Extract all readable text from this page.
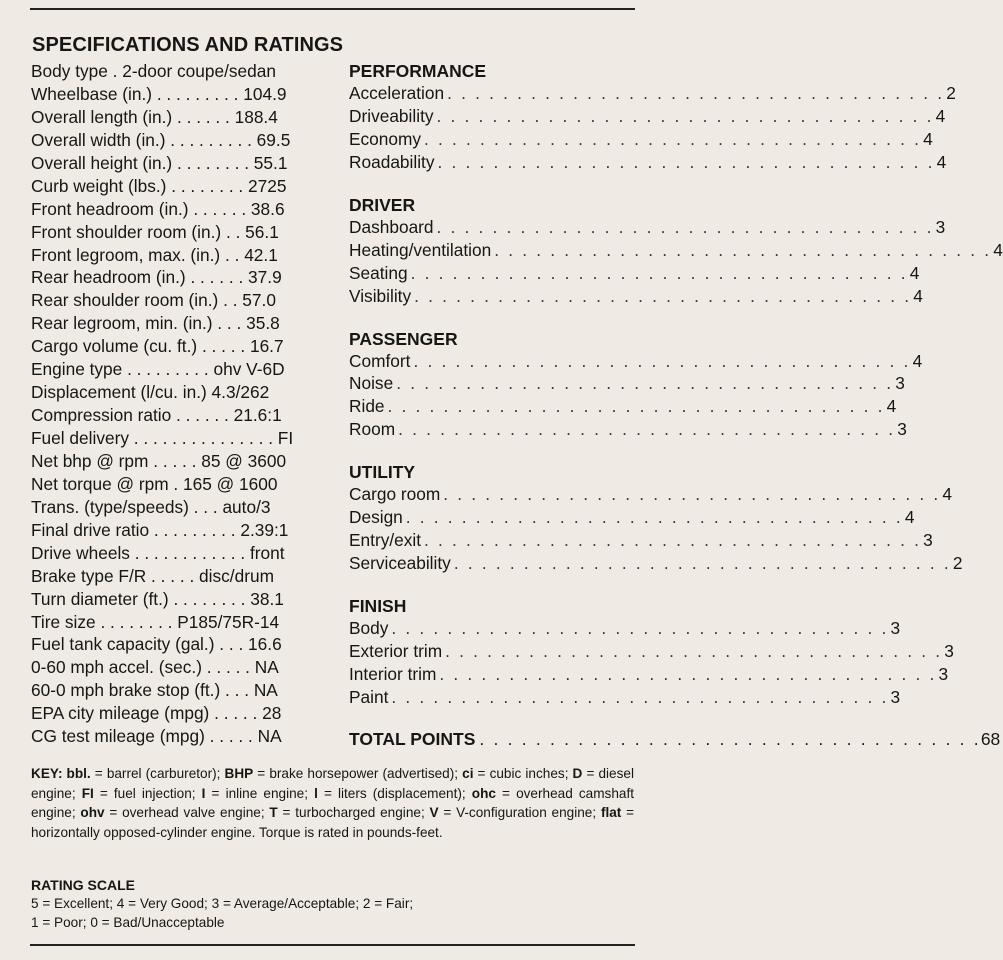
SPECIFICATIONS AND RATINGS
Body type . 2-door coupe/sedan
Wheelbase (in.) . . . . . . . . . 104.9
Overall length (in.) . . . . . . 188.4
Overall width (in.) . . . . . . . . . 69.5
Overall height (in.) . . . . . . . . 55.1
Curb weight (lbs.) . . . . . . . . 2725
Front headroom (in.) . . . . . . 38.6
Front shoulder room (in.) . . 56.1
Front legroom, max. (in.) . . 42.1
Rear headroom (in.) . . . . . . 37.9
Rear shoulder room (in.) . . 57.0
Rear legroom, min. (in.) . . . 35.8
Cargo volume (cu. ft.) . . . . . 16.7
Engine type . . . . . . . . . ohv V-6D
Displacement (l/cu. in.) 4.3/262
Compression ratio . . . . . . 21.6:1
Fuel delivery . . . . . . . . . . . . . . . FI
Net bhp @ rpm . . . . . 85 @ 3600
Net torque @ rpm . 165 @ 1600
Trans. (type/speeds) . . . auto/3
Final drive ratio . . . . . . . . . 2.39:1
Drive wheels . . . . . . . . . . . . front
Brake type F/R . . . . . disc/drum
Turn diameter (ft.) . . . . . . . . 38.1
Tire size . . . . . . . . P185/75R-14
Fuel tank capacity (gal.) . . . 16.6
0-60 mph accel. (sec.) . . . . . NA
60-0 mph brake stop (ft.) . . . NA
EPA city mileage (mpg) . . . . . 28
CG test mileage (mpg) . . . . . NA
PERFORMANCE
Acceleration . . . . . . . . . . . . . . . . . . . . . . . . . . . . . . . . . . . . 2
Driveability . . . . . . . . . . . . . . . . . . . . . . . . . . . . . . . . . . . . 4
Economy . . . . . . . . . . . . . . . . . . . . . . . . . . . . . . . . . . . . 4
Roadability . . . . . . . . . . . . . . . . . . . . . . . . . . . . . . . . . . . . 4
DRIVER
Dashboard . . . . . . . . . . . . . . . . . . . . . . . . . . . . . . . . . . . . 3
Heating/ventilation . . . . . . . . . . . . . . . . . . . . . . . . . . . . . . . . . . . . 4
Seating . . . . . . . . . . . . . . . . . . . . . . . . . . . . . . . . . . . . 4
Visibility . . . . . . . . . . . . . . . . . . . . . . . . . . . . . . . . . . . . 4
PASSENGER
Comfort . . . . . . . . . . . . . . . . . . . . . . . . . . . . . . . . . . . . 4
Noise . . . . . . . . . . . . . . . . . . . . . . . . . . . . . . . . . . . . 3
Ride . . . . . . . . . . . . . . . . . . . . . . . . . . . . . . . . . . . . 4
Room . . . . . . . . . . . . . . . . . . . . . . . . . . . . . . . . . . . . 3
UTILITY
Cargo room . . . . . . . . . . . . . . . . . . . . . . . . . . . . . . . . . . . . 4
Design . . . . . . . . . . . . . . . . . . . . . . . . . . . . . . . . . . . . 4
Entry/exit . . . . . . . . . . . . . . . . . . . . . . . . . . . . . . . . . . . . 3
Serviceability . . . . . . . . . . . . . . . . . . . . . . . . . . . . . . . . . . . . 2
FINISH
Body . . . . . . . . . . . . . . . . . . . . . . . . . . . . . . . . . . . . 3
Exterior trim . . . . . . . . . . . . . . . . . . . . . . . . . . . . . . . . . . . . 3
Interior trim . . . . . . . . . . . . . . . . . . . . . . . . . . . . . . . . . . . . 3
Paint . . . . . . . . . . . . . . . . . . . . . . . . . . . . . . . . . . . . 3
TOTAL POINTS . . . . . . . . . . . . . . . . . . . . . . . . . . . . . . . . . . . . 68
KEY: bbl. = barrel (carburetor); BHP = brake horsepower (advertised); ci = cubic inches; D = diesel engine; FI = fuel injection; I = inline engine; l = liters (displacement); ohc = overhead camshaft engine; ohv = overhead valve engine; T = turbocharged engine; V = V-configuration engine; flat = horizontally opposed-cylinder engine. Torque is rated in pounds-feet.
RATING SCALE
5 = Excellent; 4 = Very Good; 3 = Average/Acceptable; 2 = Fair;
1 = Poor; 0 = Bad/Unacceptable
